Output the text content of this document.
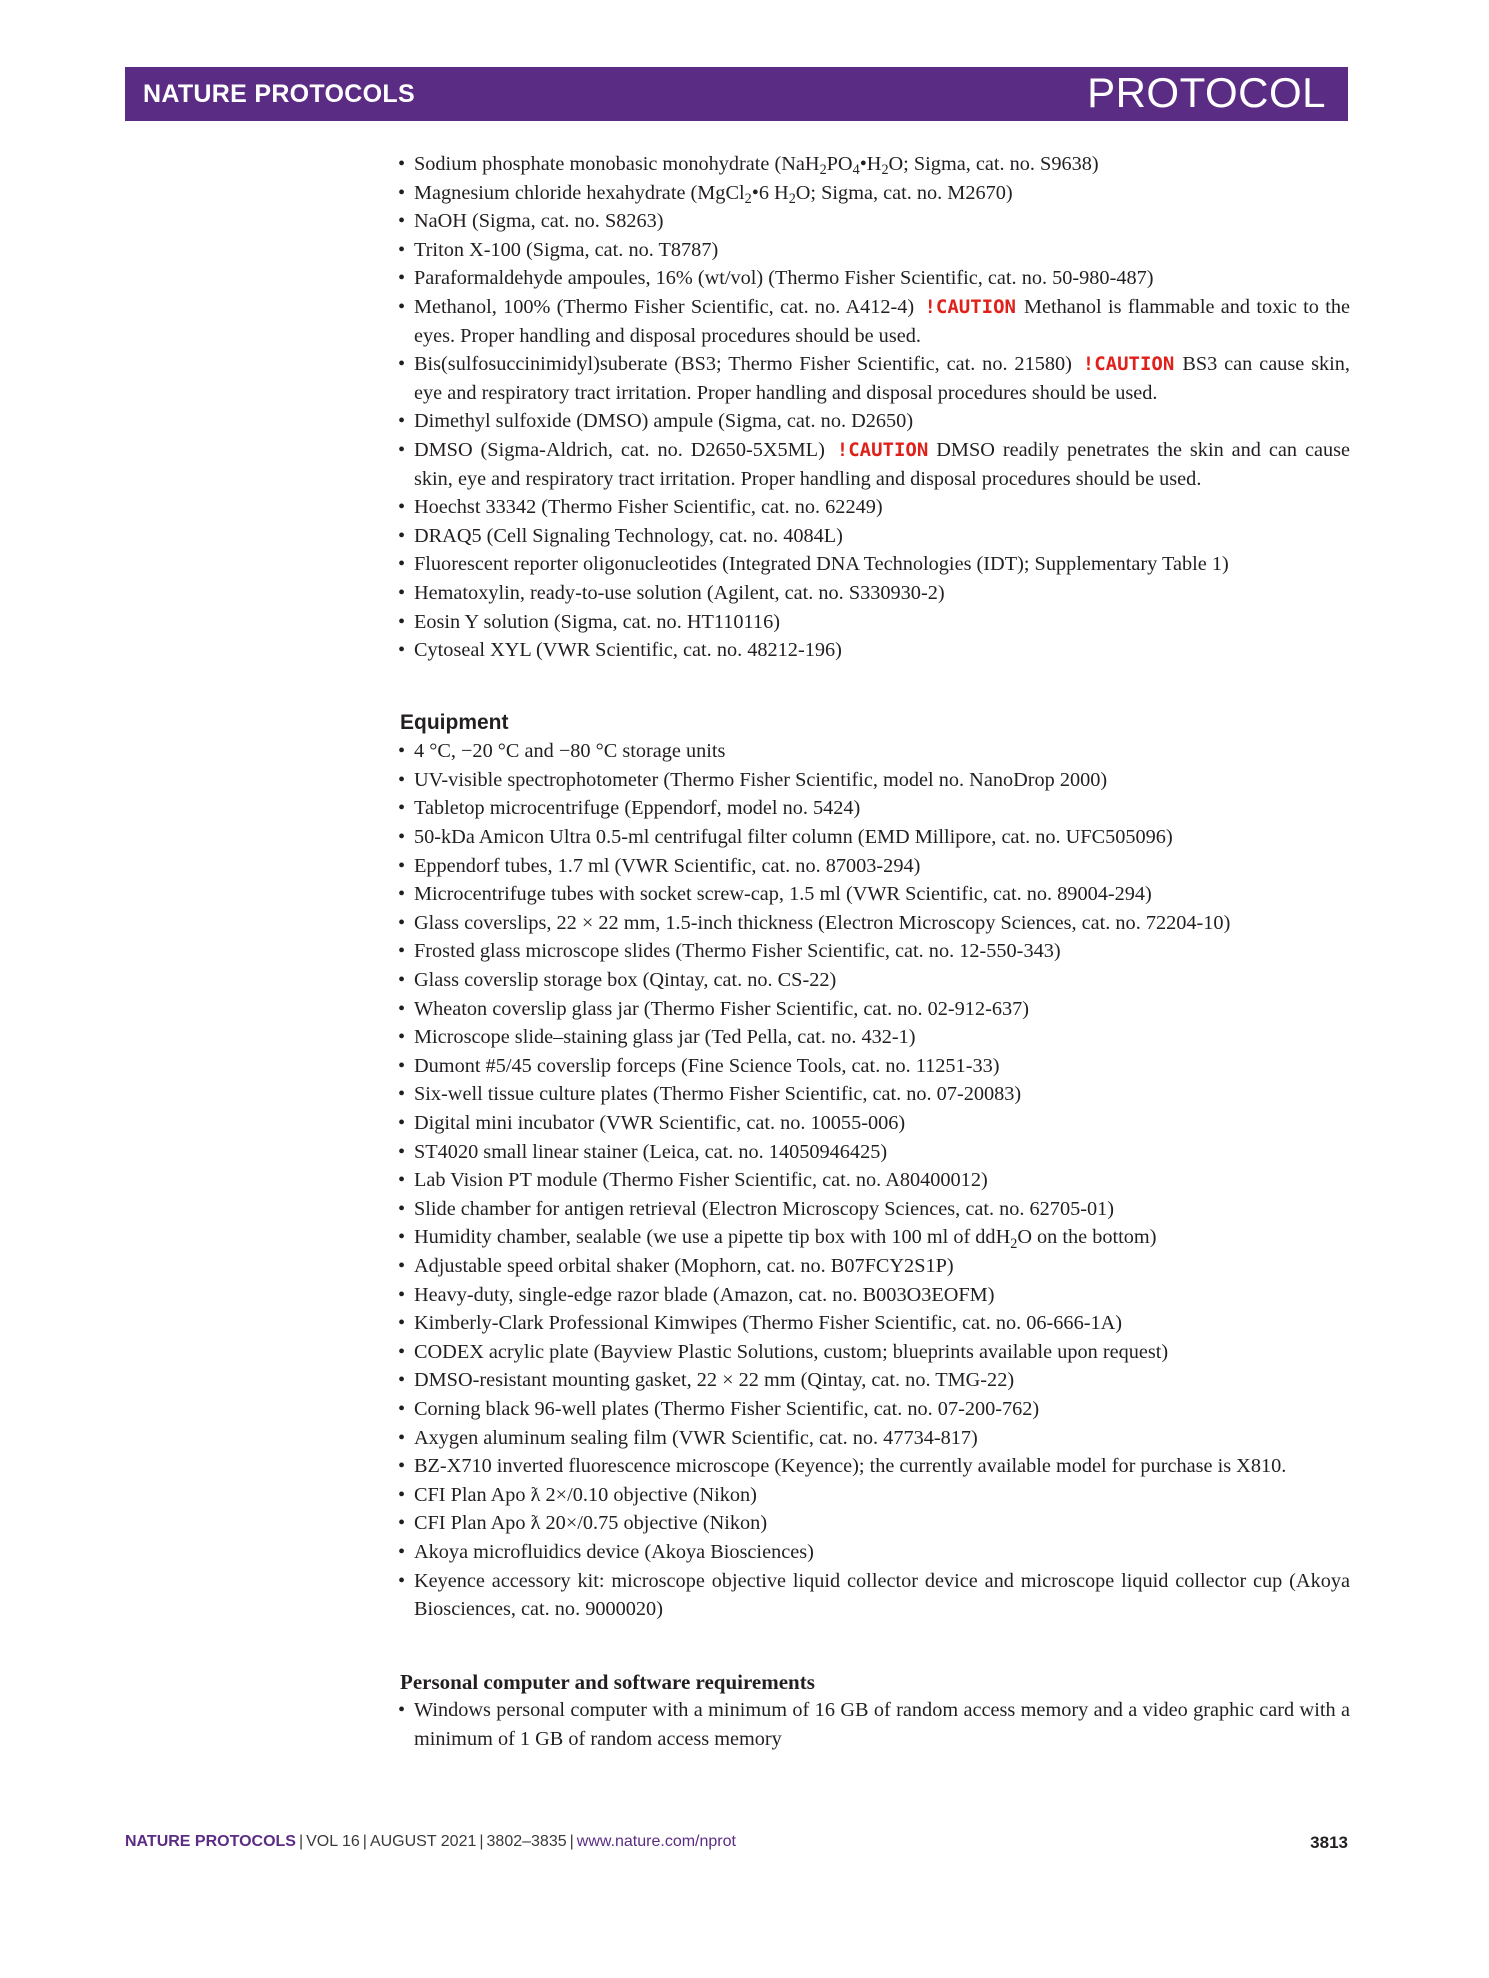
NATURE PROTOCOLS	PROTOCOL
• Sodium phosphate monobasic monohydrate ($NaH_2PO_4•H_2O$; Sigma, cat. no. S9638)
• Magnesium chloride hexahydrate (MgCl$_2$•6 $H_2O$; Sigma, cat. no. M2670)
• NaOH (Sigma, cat. no. S8263)
• Triton X-100 (Sigma, cat. no. T8787)
• Paraformaldehyde ampoules, 16% (wt/vol) (Thermo Fisher Scientific, cat. no. 50-980-487)
• Methanol, 100% (Thermo Fisher Scientific, cat. no. A412-4) !CAUTION Methanol is flammable and toxic to the eyes. Proper handling and disposal procedures should be used.
• Bis(sulfosuccinimidyl)suberate (BS3; Thermo Fisher Scientific, cat. no. 21580) !CAUTION BS3 can cause skin, eye and respiratory tract irritation. Proper handling and disposal procedures should be used.
• Dimethyl sulfoxide (DMSO) ampule (Sigma, cat. no. D2650)
• DMSO (Sigma-Aldrich, cat. no. D2650-5X5ML) !CAUTION DMSO readily penetrates the skin and can cause skin, eye and respiratory tract irritation. Proper handling and disposal procedures should be used.
• Hoechst 33342 (Thermo Fisher Scientific, cat. no. 62249)
• DRAQ5 (Cell Signaling Technology, cat. no. 4084L)
• Fluorescent reporter oligonucleotides (Integrated DNA Technologies (IDT); Supplementary Table 1)
• Hematoxylin, ready-to-use solution (Agilent, cat. no. S330930-2)
• Eosin Y solution (Sigma, cat. no. HT110116)
• Cytoseal XYL (VWR Scientific, cat. no. 48212-196)
Equipment
• 4 °C, −20 °C and −80 °C storage units
• UV-visible spectrophotometer (Thermo Fisher Scientific, model no. NanoDrop 2000)
• Tabletop microcentrifuge (Eppendorf, model no. 5424)
• 50-kDa Amicon Ultra 0.5-ml centrifugal filter column (EMD Millipore, cat. no. UFC505096)
• Eppendorf tubes, 1.7 ml (VWR Scientific, cat. no. 87003-294)
• Microcentrifuge tubes with socket screw-cap, 1.5 ml (VWR Scientific, cat. no. 89004-294)
• Glass coverslips, 22 × 22 mm, 1.5-inch thickness (Electron Microscopy Sciences, cat. no. 72204-10)
• Frosted glass microscope slides (Thermo Fisher Scientific, cat. no. 12-550-343)
• Glass coverslip storage box (Qintay, cat. no. CS-22)
• Wheaton coverslip glass jar (Thermo Fisher Scientific, cat. no. 02-912-637)
• Microscope slide–staining glass jar (Ted Pella, cat. no. 432-1)
• Dumont #5/45 coverslip forceps (Fine Science Tools, cat. no. 11251-33)
• Six-well tissue culture plates (Thermo Fisher Scientific, cat. no. 07-20083)
• Digital mini incubator (VWR Scientific, cat. no. 10055-006)
• ST4020 small linear stainer (Leica, cat. no. 14050946425)
• Lab Vision PT module (Thermo Fisher Scientific, cat. no. A80400012)
• Slide chamber for antigen retrieval (Electron Microscopy Sciences, cat. no. 62705-01)
• Humidity chamber, sealable (we use a pipette tip box with 100 ml of ddH$_2$O on the bottom)
• Adjustable speed orbital shaker (Mophorn, cat. no. B07FCY2S1P)
• Heavy-duty, single-edge razor blade (Amazon, cat. no. B003O3EOFM)
• Kimberly-Clark Professional Kimwipes (Thermo Fisher Scientific, cat. no. 06-666-1A)
• CODEX acrylic plate (Bayview Plastic Solutions, custom; blueprints available upon request)
• DMSO-resistant mounting gasket, 22 × 22 mm (Qintay, cat. no. TMG-22)
• Corning black 96-well plates (Thermo Fisher Scientific, cat. no. 07-200-762)
• Axygen aluminum sealing film (VWR Scientific, cat. no. 47734-817)
• BZ-X710 inverted fluorescence microscope (Keyence); the currently available model for purchase is X810.
• CFI Plan Apo ƛ 2×/0.10 objective (Nikon)
• CFI Plan Apo ƛ 20×/0.75 objective (Nikon)
• Akoya microfluidics device (Akoya Biosciences)
• Keyence accessory kit: microscope objective liquid collector device and microscope liquid collector cup (Akoya Biosciences, cat. no. 9000020)
Personal computer and software requirements
• Windows personal computer with a minimum of 16 GB of random access memory and a video graphic card with a minimum of 1 GB of random access memory
NATURE PROTOCOLS | VOL 16 | AUGUST 2021 | 3802–3835 | www.nature.com/nprot	3813
